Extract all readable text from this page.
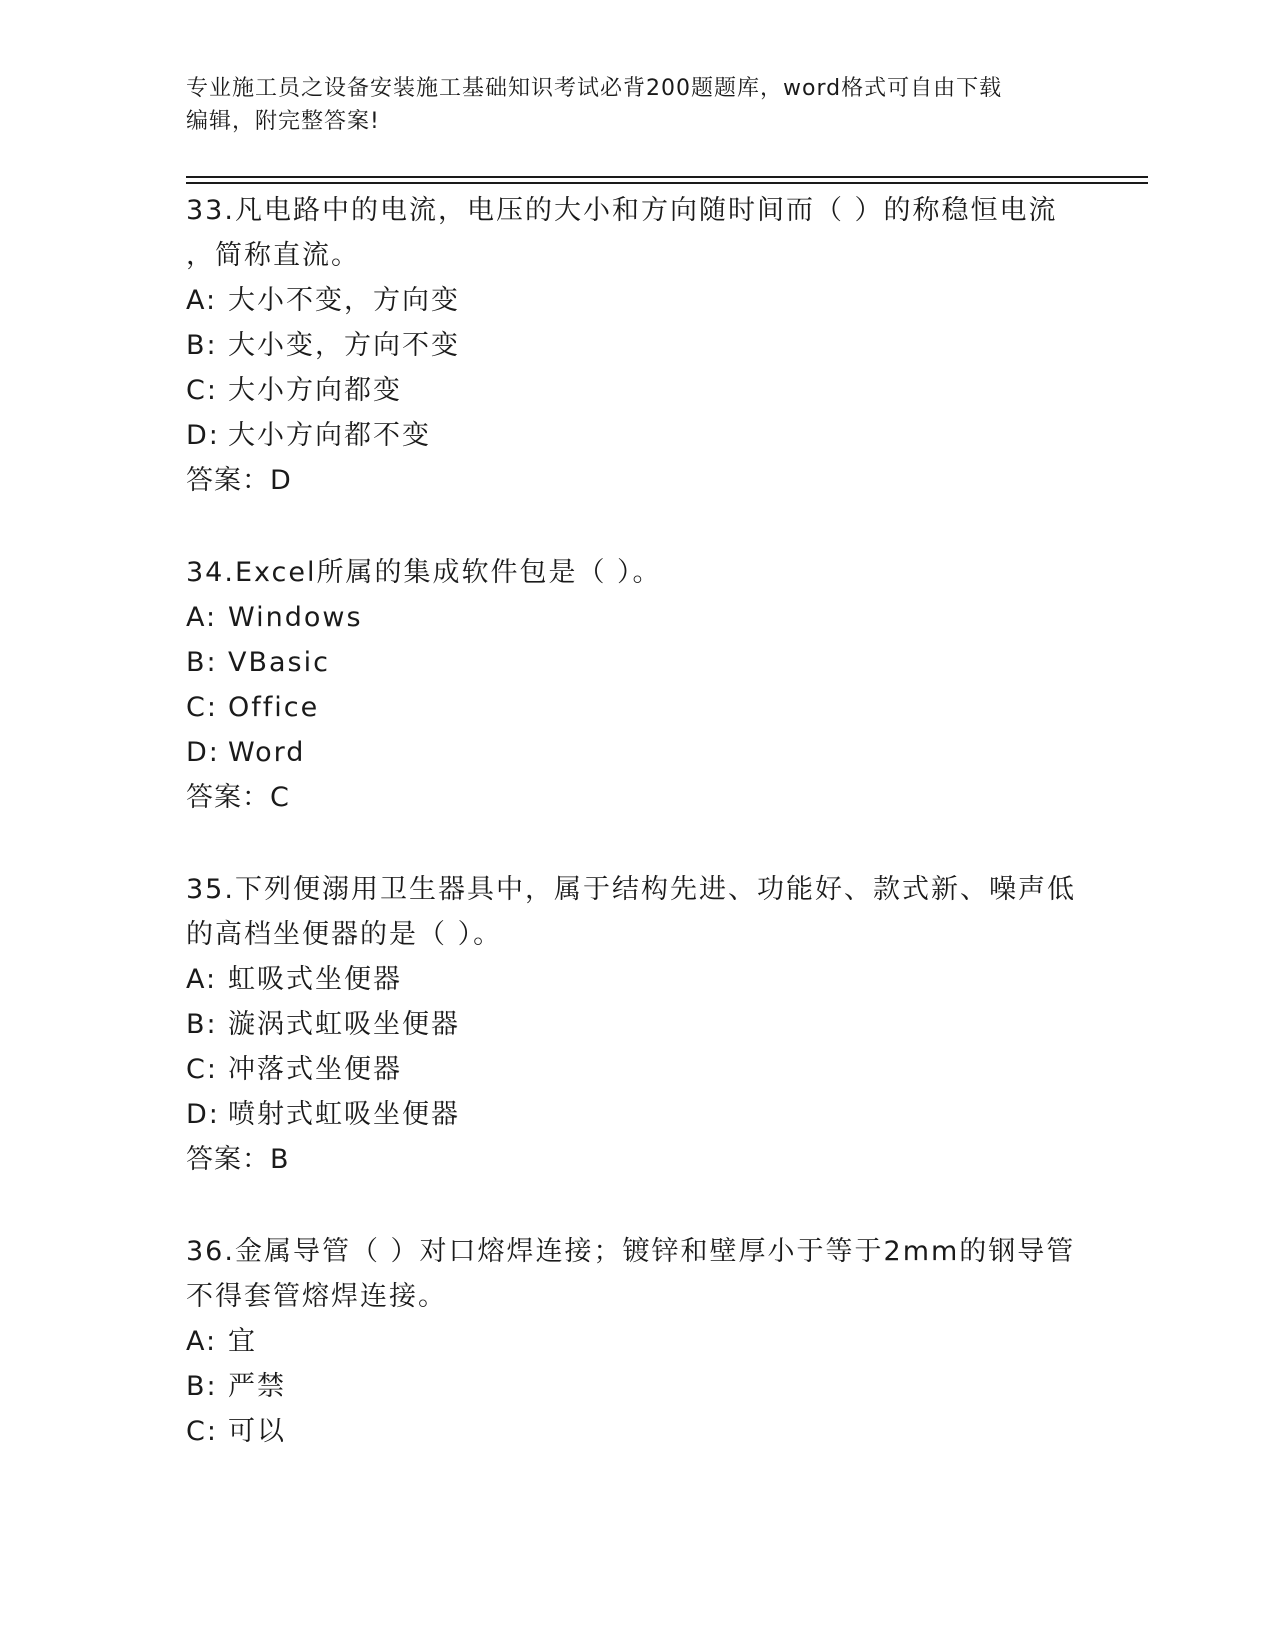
专业施工员之设备安装施工基础知识考试必背200题题库，word格式可自由下载
编辑，附完整答案!
33.凡电路中的电流，电压的大小和方向随时间而（ ）的称稳恒电流
，简称直流。
A: 大小不变，方向变
B: 大小变，方向不变
C: 大小方向都变
D: 大小方向都不变
答案：D
34.Excel所属的集成软件包是（ ）。
A: Windows
B: VBasic
C: Office
D: Word
答案：C
35.下列便溺用卫生器具中，属于结构先进、功能好、款式新、噪声低
的高档坐便器的是（ ）。
A: 虹吸式坐便器
B: 漩涡式虹吸坐便器
C: 冲落式坐便器
D: 喷射式虹吸坐便器
答案：B
36.金属导管（ ）对口熔焊连接；镀锌和壁厚小于等于2mm的钢导管
不得套管熔焊连接。
A: 宜
B: 严禁
C: 可以
